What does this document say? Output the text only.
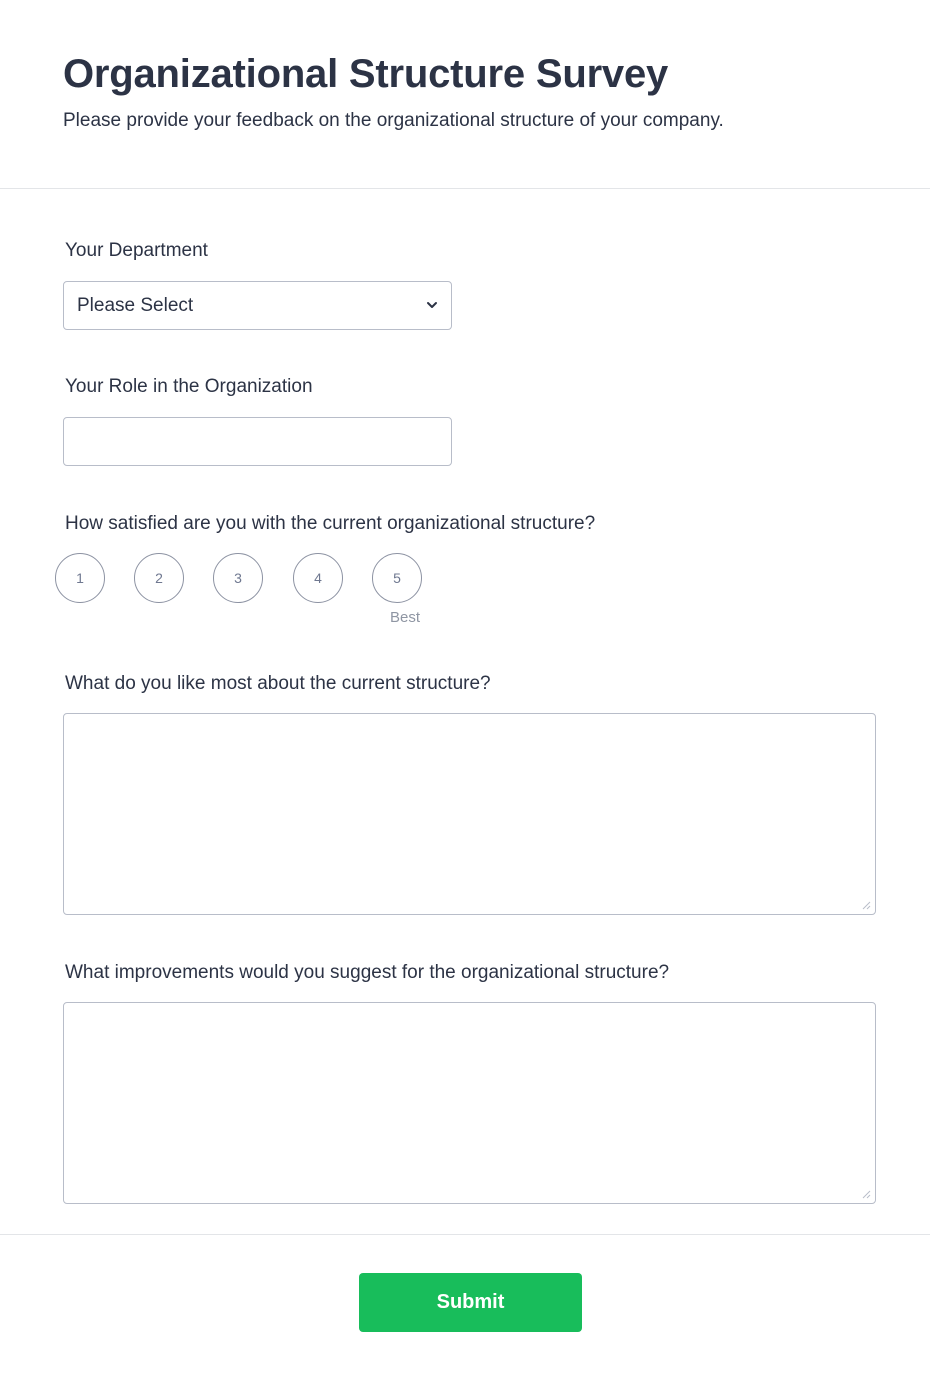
Organizational Structure Survey

Please provide your feedback on the organizational structure of your company.

Your Department
Please Select
Your Role in the Organization
How satisfied are you with the current organizational structure?
1	2	3	4	5
Best
What do you like most about the current structure?
What improvements would you suggest for the organizational structure?
Submit
